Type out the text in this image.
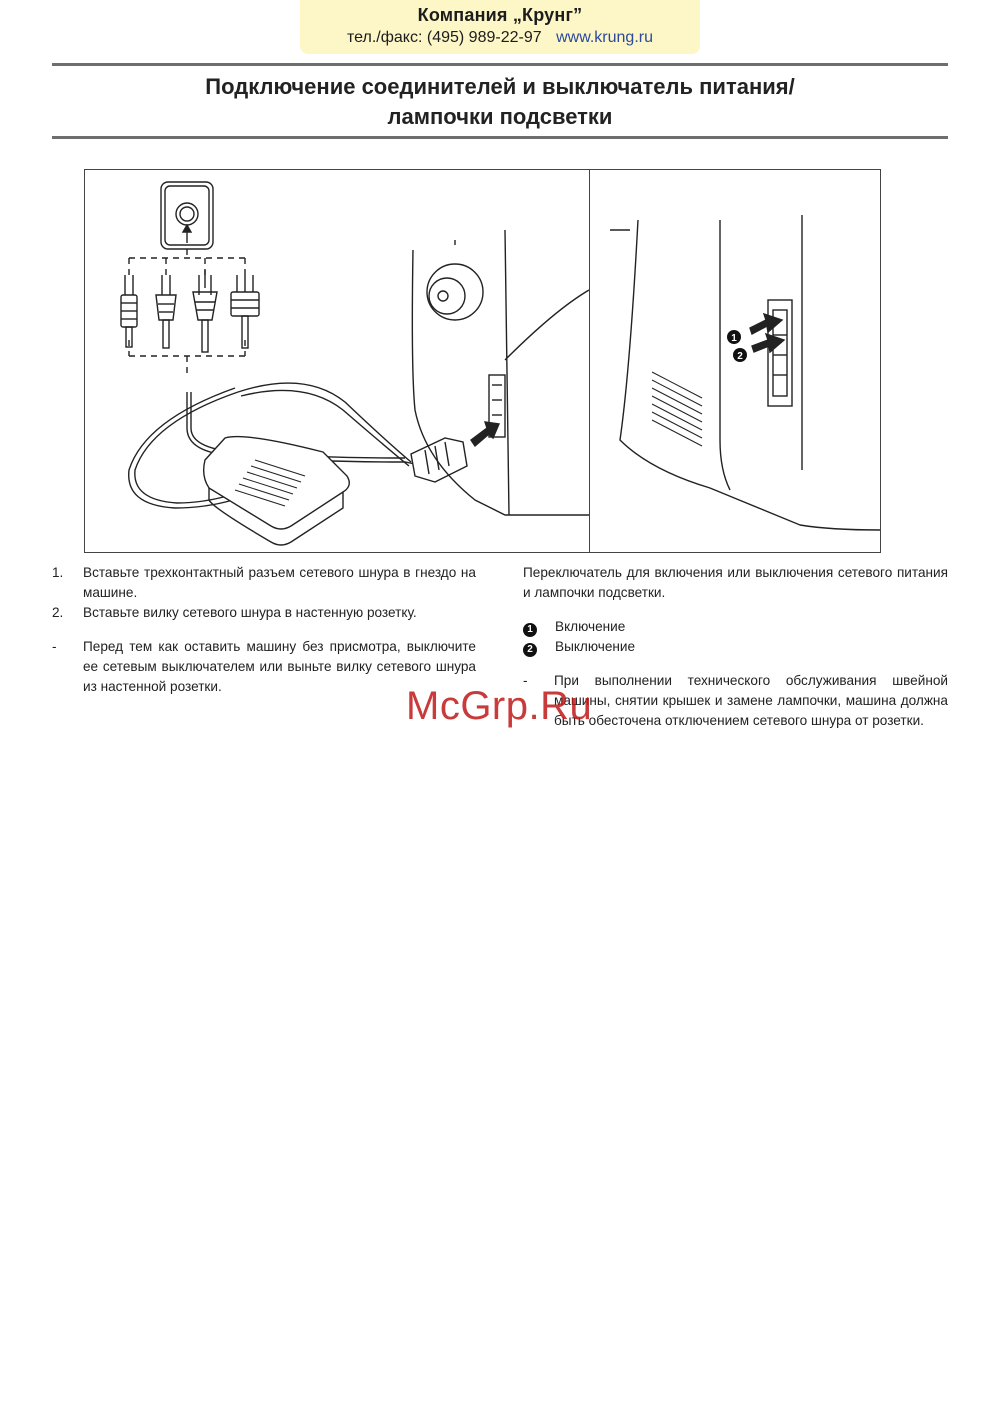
Компания „Крунг”
тел./факс: (495) 989-22-97 www.krung.ru
Подключение соединителей и выключатель питания/
лампочки подсветки
1
2
1.	Вставьте трехконтактный разъем сетевого шнура в гнездо на машине.
2.	Вставьте вилку сетевого шнура в настенную розетку.
-	Перед тем как оставить машину без присмотра, выключите ее сетевым выключателем или выньте вилку сетевого шнура из настенной розетки.
Переключатель для включения или выключения сетевого питания и лампочки подсветки.
1	Включение
2	Выключение
-	При выполнении технического обслуживания швейной машины, снятии крышек и замене лампочки, машина должна быть обесточена отключением сетевого шнура от розетки.
McGrp.Ru
